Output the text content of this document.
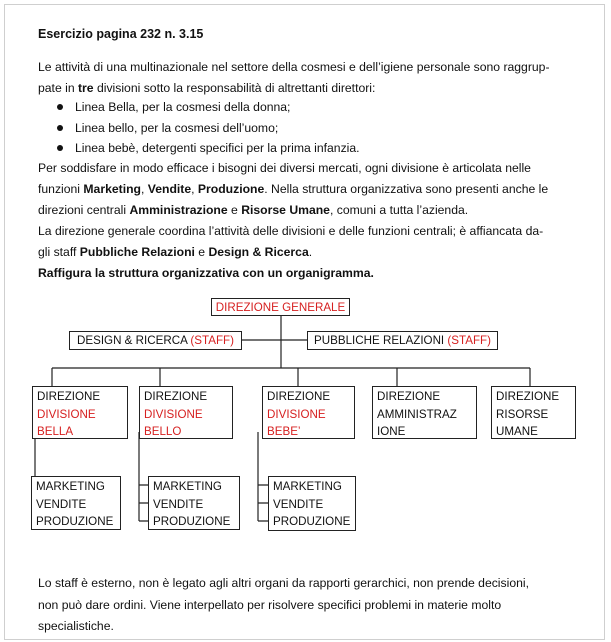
Esercizio pagina 232 n. 3.15
Le attività di una multinazionale nel settore della cosmesi e dell’igiene personale sono raggrup-
pate in tre divisioni sotto la responsabilità di altrettanti direttori:
Linea Bella, per la cosmesi della donna;
Linea bello, per la cosmesi dell’uomo;
Linea bebè, detergenti specifici per la prima infanzia.
Per soddisfare in modo efficace i bisogni dei diversi mercati, ogni divisione è articolata nelle
funzioni Marketing, Vendite, Produzione. Nella struttura organizzativa sono presenti anche le
direzioni centrali Amministrazione e Risorse Umane, comuni a tutta l’azienda.
La direzione generale coordina l’attività delle divisioni e delle funzioni centrali; è affiancata da-
gli staff Pubbliche Relazioni e Design & Ricerca.
Raffigura la struttura organizzativa con un organigramma.
DIREZIONE GENERALE
DESIGN & RICERCA (STAFF)	PUBBLICHE RELAZIONI (STAFF)
DIREZIONE
DIVISIONE
BELLA
DIREZIONE
DIVISIONE
BELLO
DIREZIONE
DIVISIONE
BEBE’
DIREZIONE
AMMINISTRAZ
IONE
DIREZIONE
RISORSE
UMANE
MARKETING
VENDITE
PRODUZIONE
MARKETING
VENDITE
PRODUZIONE
MARKETING
VENDITE
PRODUZIONE
Lo staff è esterno, non è legato agli altri organi da rapporti gerarchici, non prende decisioni,
non può dare ordini. Viene interpellato per risolvere specifici problemi in materie molto
specialistiche.
